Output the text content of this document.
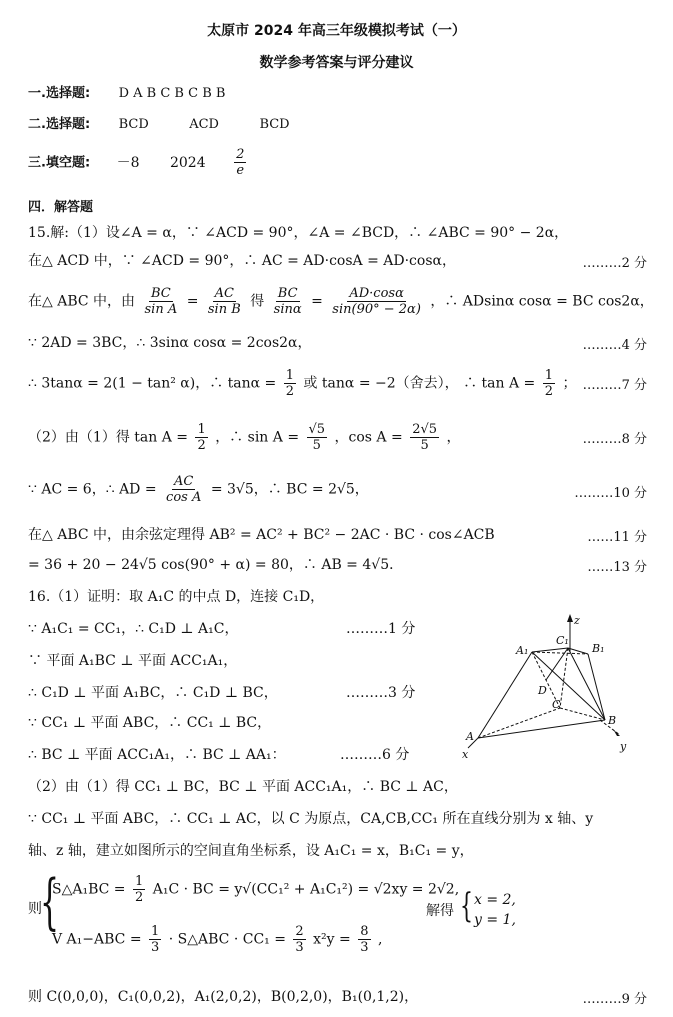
太原市 2024 年高三年级模拟考试（一）
数学参考答案与评分建议
一.选择题: D A B C B C B B
二.选择题: BCD	ACD	BCD
三.填空题: －8 $2024 \frac{2}{e}$
四．解答题
15.解:（1）设∠A = α，∵ ∠ACD = 90°，∠A = ∠BCD，∴ ∠ABC = 90° − 2α，
在△ ACD 中，∵ ∠ACD = 90°，∴ AC = AD·cosA = AD·cosα，	………2 分
在△ ABC 中，由 $\frac{BC}{\text{sin A}} = \frac{AC}{\text{sin B}}$ 得 $\frac{BC}{\sin\alpha} = \frac{AD\cdot\cos\alpha}{\sin(90^\circ - 2\alpha)}$ ，∴ ADsinα cosα = BC cos2α，
∵ 2AD = 3BC，∴ 3sinα cosα = 2cos2α，	………4 分
∴ 3tanα = 2(1 − tan² α)，∴ $\tan\alpha = \frac{1}{2}$ 或 tanα = −2（舍去）， ∴ $\tan A = \frac{1}{2}$ ； ………7 分
（2）由（1）得 $\tan A = \frac{1}{2}$ ，∴ $\sin A = \frac{√5}{5}$ ，$\cos A = \frac{2√5}{5}$ ，	………8 分
∵ AC = 6，∴ AD = $\frac{AC}{\text{cos A}} = 3√5$，∴ BC = 2√5，	………10 分
在△ ABC 中，由余弦定理得 AB² = AC² + BC² − 2AC · BC · cos∠ACB	……11 分
= 36 + 20 − 24√5 cos(90° + α) = 80，∴ AB = 4√5．	……13 分
16.（1）证明：取 A₁C 的中点 D，连接 C₁D，
∵ A₁C₁ = CC₁，∴ C₁D ⊥ A₁C，	………1 分
∵ 平面 A₁BC ⊥ 平面 ACC₁A₁，
∴ C₁D ⊥ 平面 A₁BC，∴ C₁D ⊥ BC，	………3 分
∵ CC₁ ⊥ 平面 ABC，∴ CC₁ ⊥ BC，
∴ BC ⊥ 平面 ACC₁A₁，∴ BC ⊥ AA₁：	………6 分
A₁
C₁
B₁
D
C
A
B
z
x
y
（2）由（1）得 CC₁ ⊥ BC，BC ⊥ 平面 ACC₁A₁，∴ BC ⊥ AC，
∵ CC₁ ⊥ 平面 ABC，∴ CC₁ ⊥ AC，以 C 为原点，CA,CB,CC₁ 所在直线分别为 x 轴、y
轴、z 轴，建立如图所示的空间直角坐标系，设 A₁C₁ = x，B₁C₁ = y，
则
{
S△A₁BC = $\frac{1}{2} A_1C$ · BC = y√(CC₁² + A₁C₁²) = √2xy = 2√2,
V $A_1-ABC = \frac{1}{3}$ · S△ABC · $CC_1 = \frac{2}{3} x^2y = \frac{8}{3}$ ,
解得 { x = 2,
y = 1,
则 C(0,0,0)，C₁(0,0,2)，A₁(2,0,2)，B(0,2,0)，B₁(0,1,2)，	………9 分
